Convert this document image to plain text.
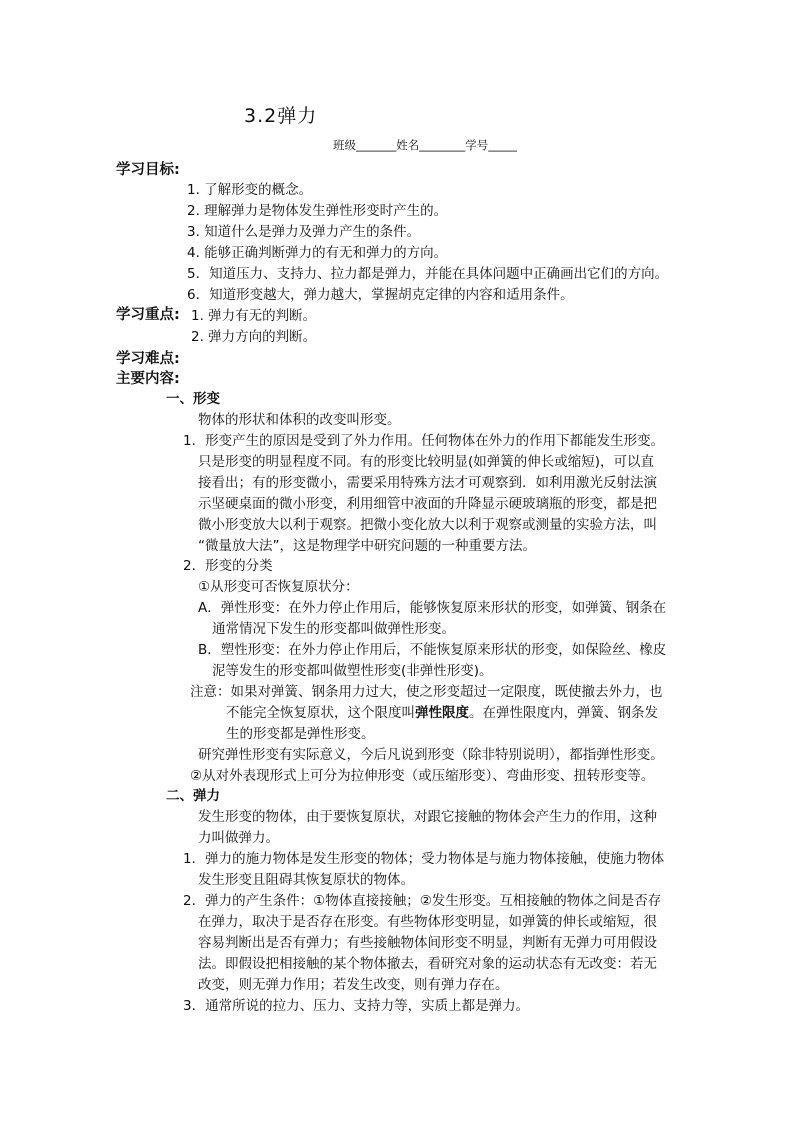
3.2弹力
班级_______姓名________学号_____
学习目标:
1. 了解形变的概念。
2. 理解弹力是物体发生弹性形变时产生的。
3. 知道什么是弹力及弹力产生的条件。
4. 能够正确判断弹力的有无和弹力的方向。
5．知道压力、支持力、拉力都是弹力，并能在具体问题中正确画出它们的方向。
6．知道形变越大，弹力越大，掌握胡克定律的内容和适用条件。
学习重点: 1. 弹力有无的判断。
2. 弹力方向的判断。
学习难点:
主要内容:
一、形变
物体的形状和体积的改变叫形变。
1．形变产生的原因是受到了外力作用。任何物体在外力的作用下都能发生形变。
只是形变的明显程度不同。有的形变比较明显(如弹簧的伸长或缩短)，可以直
接看出；有的形变微小，需要采用特殊方法才可观察到．如利用激光反射法演
示坚硬桌面的微小形变，利用细管中液面的升降显示硬玻璃瓶的形变，都是把
微小形变放大以利于观察。把微小变化放大以利于观察或测量的实验方法，叫
“微量放大法”，这是物理学中研究问题的一种重要方法。
2．形变的分类
①从形变可否恢复原状分：
A．弹性形变：在外力停止作用后，能够恢复原来形状的形变，如弹簧、钢条在
通常情况下发生的形变都叫做弹性形变。
B．塑性形变：在外力停止作用后，不能恢复原来形状的形变，如保险丝、橡皮
泥等发生的形变都叫做塑性形变(非弹性形变)。
注意：如果对弹簧、钢条用力过大，使之形变超过一定限度，既使撤去外力，也
不能完全恢复原状，这个限度叫弹性限度。在弹性限度内，弹簧、钢条发
生的形变都是弹性形变。
研究弹性形变有实际意义，今后凡说到形变（除非特别说明），都指弹性形变。
②从对外表现形式上可分为拉伸形变（或压缩形变）、弯曲形变、扭转形变等。
二、弹力
发生形变的物体，由于要恢复原状，对跟它接触的物体会产生力的作用，这种
力叫做弹力。
1．弹力的施力物体是发生形变的物体；受力物体是与施力物体接触，使施力物体
发生形变且阻碍其恢复原状的物体。
2．弹力的产生条件：①物体直接接触；②发生形变。互相接触的物体之间是否存
在弹力，取决于是否存在形变。有些物体形变明显，如弹簧的伸长或缩短，很
容易判断出是否有弹力；有些接触物体间形变不明显，判断有无弹力可用假设
法。即假设把相接触的某个物体撤去，看研究对象的运动状态有无改变：若无
改变，则无弹力作用；若发生改变，则有弹力存在。
3．通常所说的拉力、压力、支持力等，实质上都是弹力。
